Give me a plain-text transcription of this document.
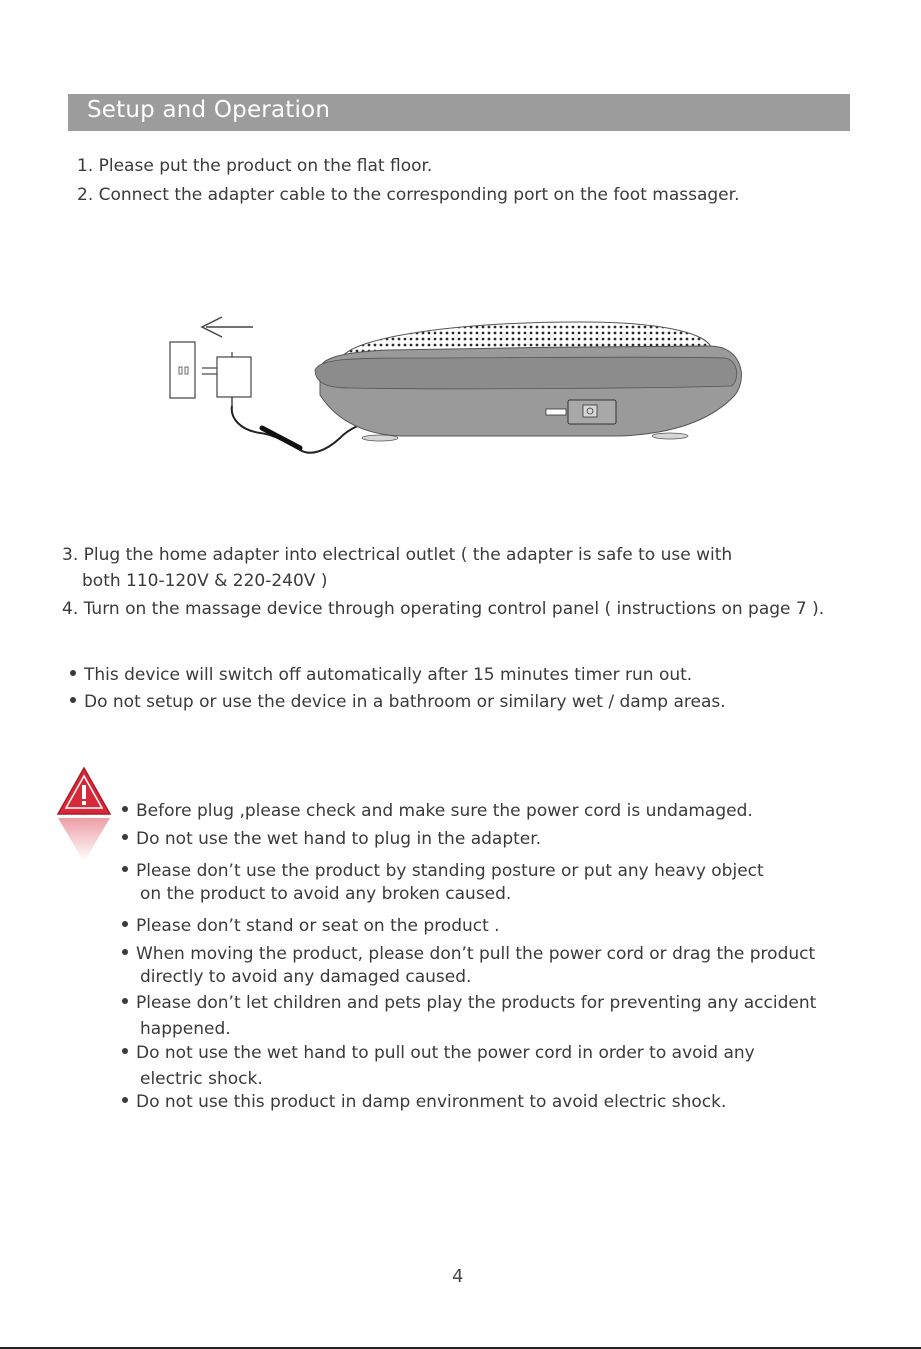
Setup and Operation
1. Please put the product on the flat floor.
2. Connect the adapter cable to the corresponding port on the foot massager.
3. Plug the home adapter into electrical outlet ( the adapter is safe to use with
both 110-120V & 220-240V )
4. Turn on the massage device through operating control panel ( instructions on page 7 ).
This device will switch off automatically after 15 minutes timer run out.
Do not setup or use the device in a bathroom or similary wet / damp areas.
Before plug ,please check and make sure the power cord is undamaged.
Do not use the wet hand to plug in the adapter.
Please don’t use the product by standing posture or put any heavy object
on the product to avoid any broken caused.
Please don’t stand or seat on the product .
When moving the product, please don’t pull the power cord or drag the product
directly to avoid any damaged caused.
Please don’t let children and pets play the products for preventing any accident
happened.
Do not use the wet hand to pull out the power cord in order to avoid any
electric shock.
Do not use this product in damp environment to avoid electric shock.
4
